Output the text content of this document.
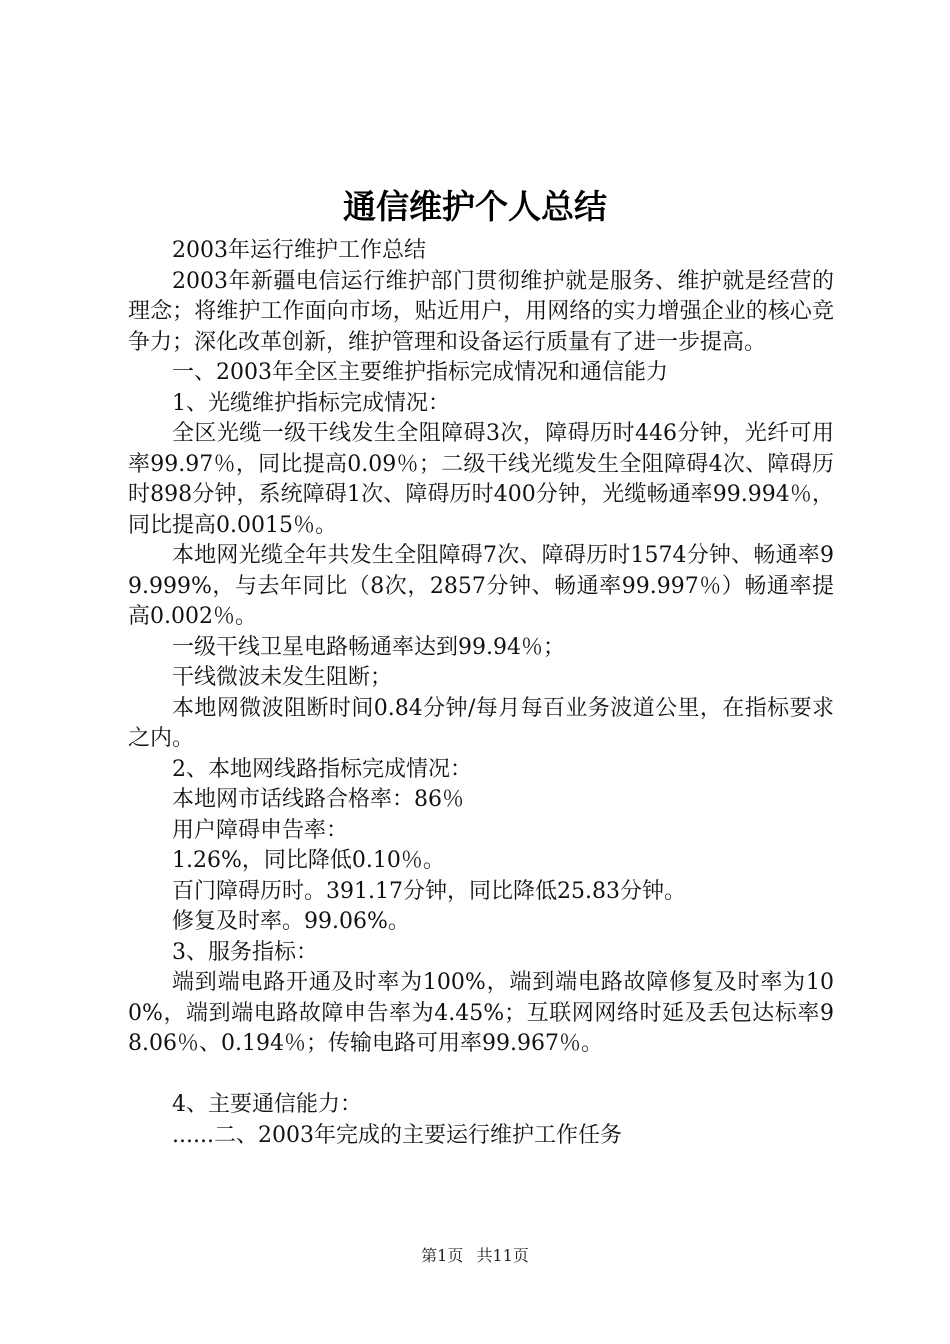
通信维护个人总结

2003年运行维护工作总结

2003年新疆电信运行维护部门贯彻维护就是服务、维护就是经营的理念；将维护工作面向市场，贴近用户，用网络的实力增强企业的核心竞争力；深化改革创新，维护管理和设备运行质量有了进一步提高。

一、2003年全区主要维护指标完成情况和通信能力

1、光缆维护指标完成情况：

全区光缆一级干线发生全阻障碍3次，障碍历时446分钟，光纤可用率99.97％，同比提高0.09％；二级干线光缆发生全阻障碍4次、障碍历时898分钟，系统障碍1次、障碍历时400分钟，光缆畅通率99.994％，同比提高0.0015％。

本地网光缆全年共发生全阻障碍7次、障碍历时1574分钟、畅通率99.999%，与去年同比（8次，2857分钟、畅通率99.997％）畅通率提高0.002％。

一级干线卫星电路畅通率达到99.94％；

干线微波未发生阻断；

本地网微波阻断时间0.84分钟/每月每百业务波道公里，在指标要求之内。

2、本地网线路指标完成情况：

本地网市话线路合格率：86％

用户障碍申告率：

1.26%，同比降低0.10％。

百门障碍历时。391.17分钟，同比降低25.83分钟。

修复及时率。99.06%。

3、服务指标：

端到端电路开通及时率为100%，端到端电路故障修复及时率为100%，端到端电路故障申告率为4.45%；互联网网络时延及丢包达标率98.06％、0.194％；传输电路可用率99.967％。

4、主要通信能力：

......二、2003年完成的主要运行维护工作任务

第1页 共11页
